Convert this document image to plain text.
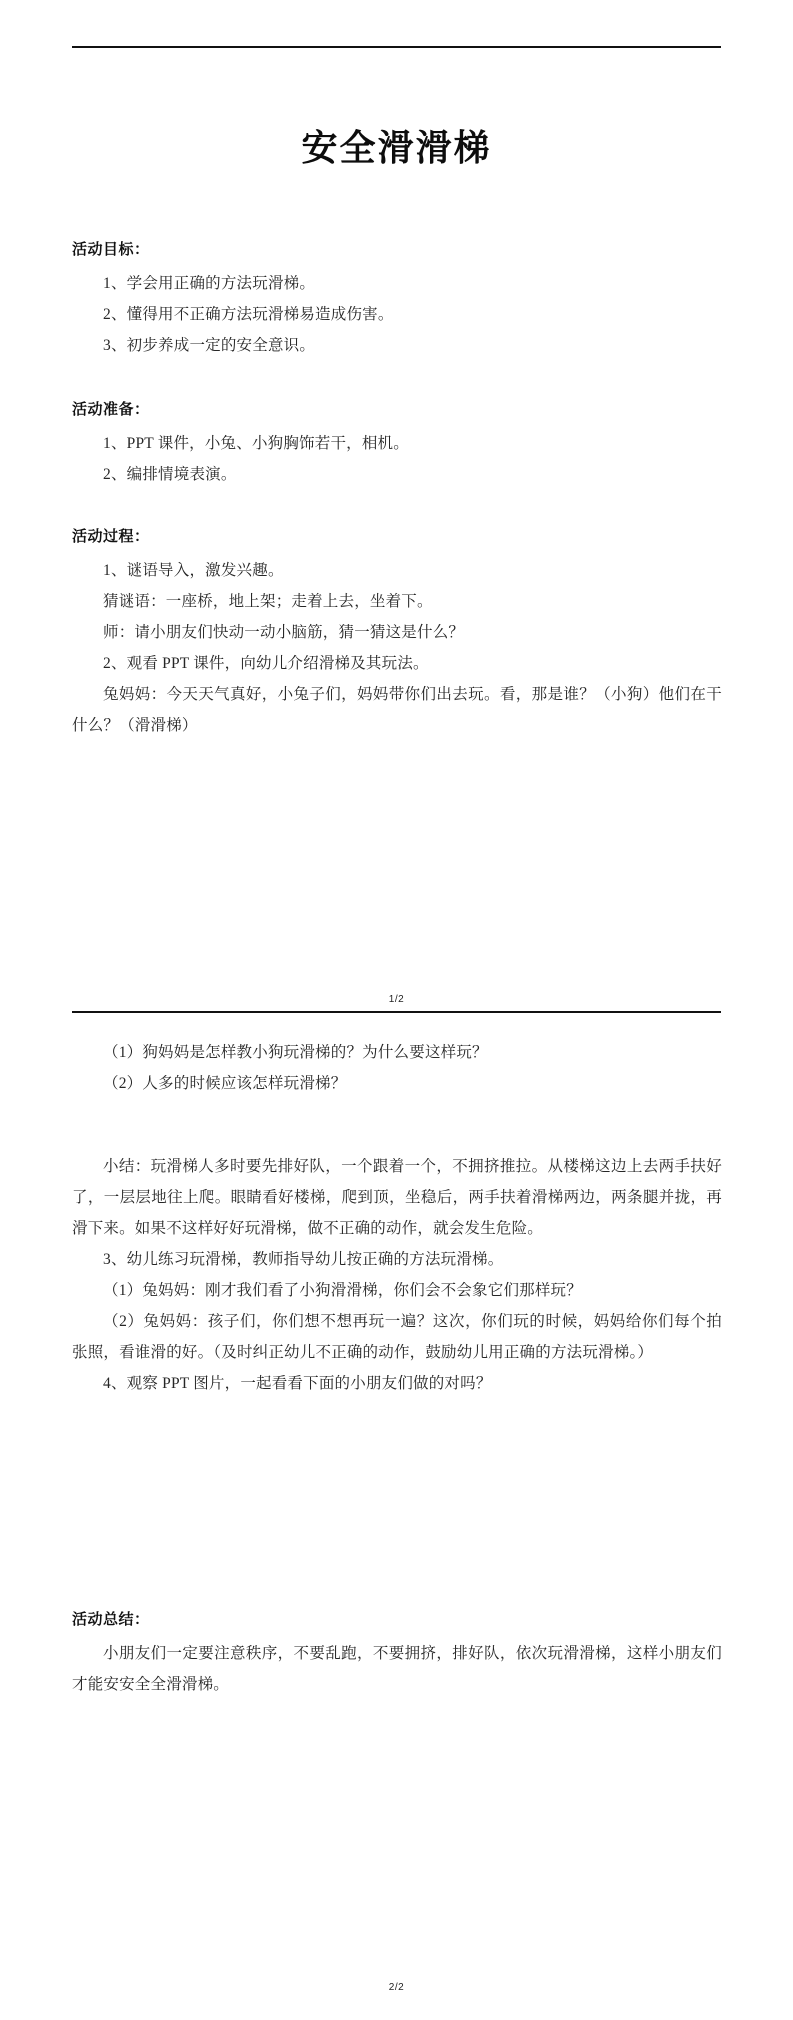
安全滑滑梯
活动目标：
1、学会用正确的方法玩滑梯。
2、懂得用不正确方法玩滑梯易造成伤害。
3、初步养成一定的安全意识。
活动准备：
1、PPT 课件，小兔、小狗胸饰若干，相机。
2、编排情境表演。
活动过程：
1、谜语导入，激发兴趣。
猜谜语：一座桥，地上架；走着上去，坐着下。
师：请小朋友们快动一动小脑筋，猜一猜这是什么？
2、观看 PPT 课件，向幼儿介绍滑梯及其玩法。
兔妈妈：今天天气真好，小兔子们，妈妈带你们出去玩。看，那是谁？（小狗）他们在干什么？（滑滑梯）
1/2
（1）狗妈妈是怎样教小狗玩滑梯的？为什么要这样玩？
（2）人多的时候应该怎样玩滑梯？
小结：玩滑梯人多时要先排好队，一个跟着一个，不拥挤推拉。从楼梯这边上去两手扶好了，一层层地往上爬。眼睛看好楼梯，爬到顶，坐稳后，两手扶着滑梯两边，两条腿并拢，再滑下来。如果不这样好好玩滑梯，做不正确的动作，就会发生危险。
3、幼儿练习玩滑梯，教师指导幼儿按正确的方法玩滑梯。
（1）兔妈妈：刚才我们看了小狗滑滑梯，你们会不会象它们那样玩？
（2）兔妈妈：孩子们，你们想不想再玩一遍？这次，你们玩的时候，妈妈给你们每个拍张照，看谁滑的好。（及时纠正幼儿不正确的动作，鼓励幼儿用正确的方法玩滑梯。）
4、观察 PPT 图片，一起看看下面的小朋友们做的对吗？
活动总结：
小朋友们一定要注意秩序，不要乱跑，不要拥挤，排好队，依次玩滑滑梯，这样小朋友们才能安安全全滑滑梯。
2/2
